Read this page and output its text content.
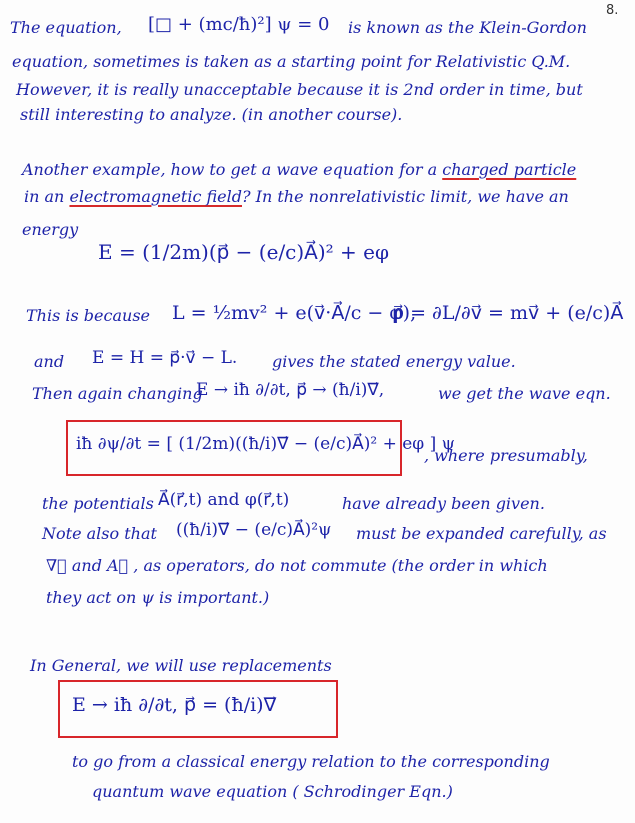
8.
The equation, [□ + (mc/ħ)²] ψ = 0 is known as the Klein-Gordon
equation, sometimes is taken as a starting point for Relativistic Q.M.
However, it is really unacceptable because it is 2nd order in time, but
still interesting to analyze. (in another course).
Another example, how to get a wave equation for a charged particle
in an electromagnetic field? In the nonrelativistic limit, we have an
energy
E = (1/2m)(p⃗ − (e/c)A⃗)² + eφ
This is because L = ½mv² + e(v⃗·A⃗/c − φ),
p⃗ = ∂L/∂v⃗ = mv⃗ + (e/c)A⃗
and E = H = p⃗·v⃗ − L. gives the stated energy value.
Then again changing
E → iħ ∂/∂t, p⃗ → (ħ/i)∇⃗,	we get the wave eqn.
iħ ∂ψ/∂t = [ (1/2m)((ħ/i)∇⃗ − (e/c)A⃗)² + eφ ] ψ
, where presumably,
the potentials A⃗(r⃗,t) and φ(r⃗,t)	have already been given.
Note also that ((ħ/i)∇⃗ − (e/c)A⃗)²ψ must be expanded carefully, as
∇⃗ and A⃗ , as operators, do not commute (the order in which
they act on ψ is important.)
In General, we will use replacements
E → iħ ∂/∂t, p⃗ = (ħ/i)∇⃗
to go from a classical energy relation to the corresponding
quantum wave equation ( Schrodinger Eqn.)
